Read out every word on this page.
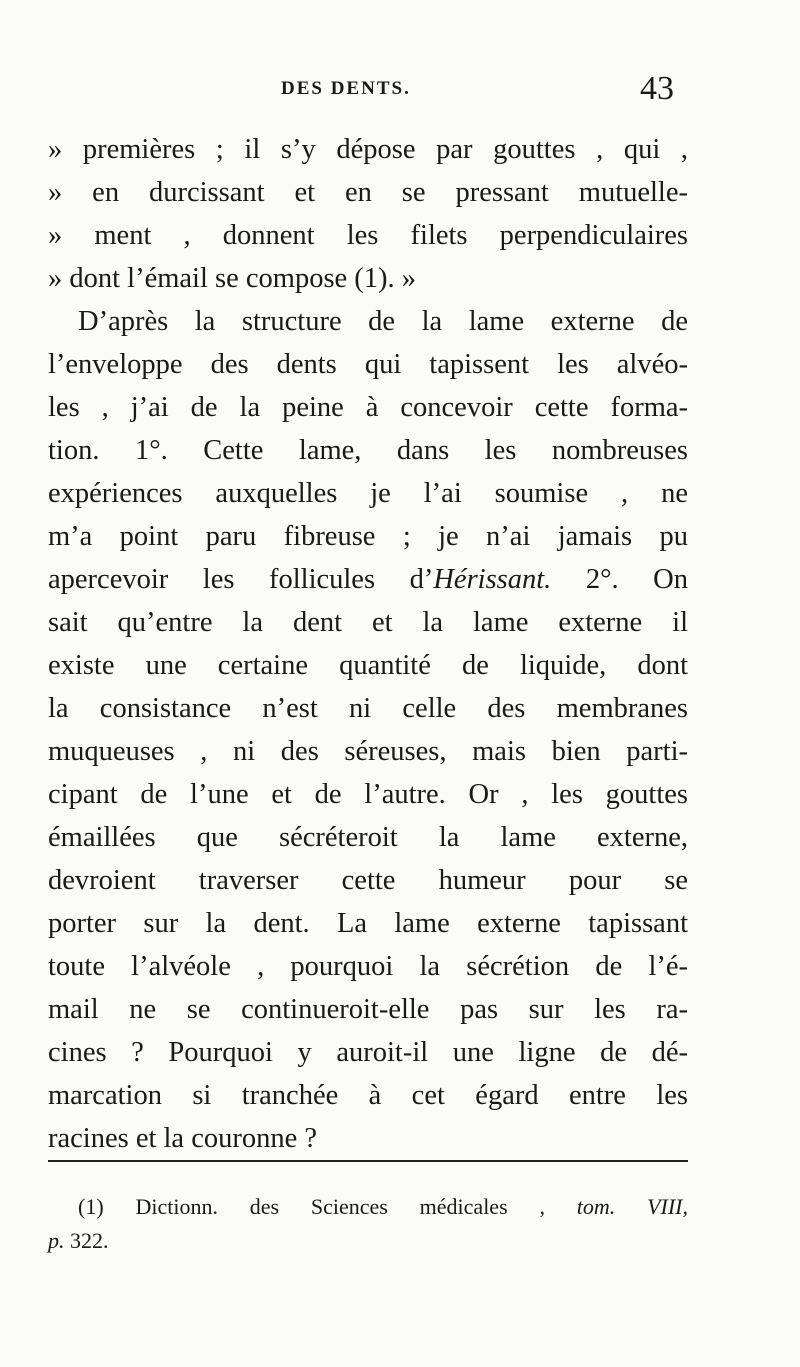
DES DENTS.	43
» premières ; il s’y dépose par gouttes , qui ,
» en durcissant et en se pressant mutuelle-
» ment , donnent les filets perpendiculaires
» dont l’émail se compose (1). »
D’après la structure de la lame externe de
l’enveloppe des dents qui tapissent les alvéo-
les , j’ai de la peine à concevoir cette forma-
tion. 1°. Cette lame, dans les nombreuses
expériences auxquelles je l’ai soumise , ne
m’a point paru fibreuse ; je n’ai jamais pu
apercevoir les follicules d’Hérissant. 2°. On
sait qu’entre la dent et la lame externe il
existe une certaine quantité de liquide, dont
la consistance n’est ni celle des membranes
muqueuses , ni des séreuses, mais bien parti-
cipant de l’une et de l’autre. Or , les gouttes
émaillées que sécréteroit la lame externe,
devroient traverser cette humeur pour se
porter sur la dent. La lame externe tapissant
toute l’alvéole , pourquoi la sécrétion de l’é-
mail ne se continueroit-elle pas sur les ra-
cines ? Pourquoi y auroit-il une ligne de dé-
marcation si tranchée à cet égard entre les
racines et la couronne ?
(1) Dictionn. des Sciences médicales , tom. VIII,
p. 322.
